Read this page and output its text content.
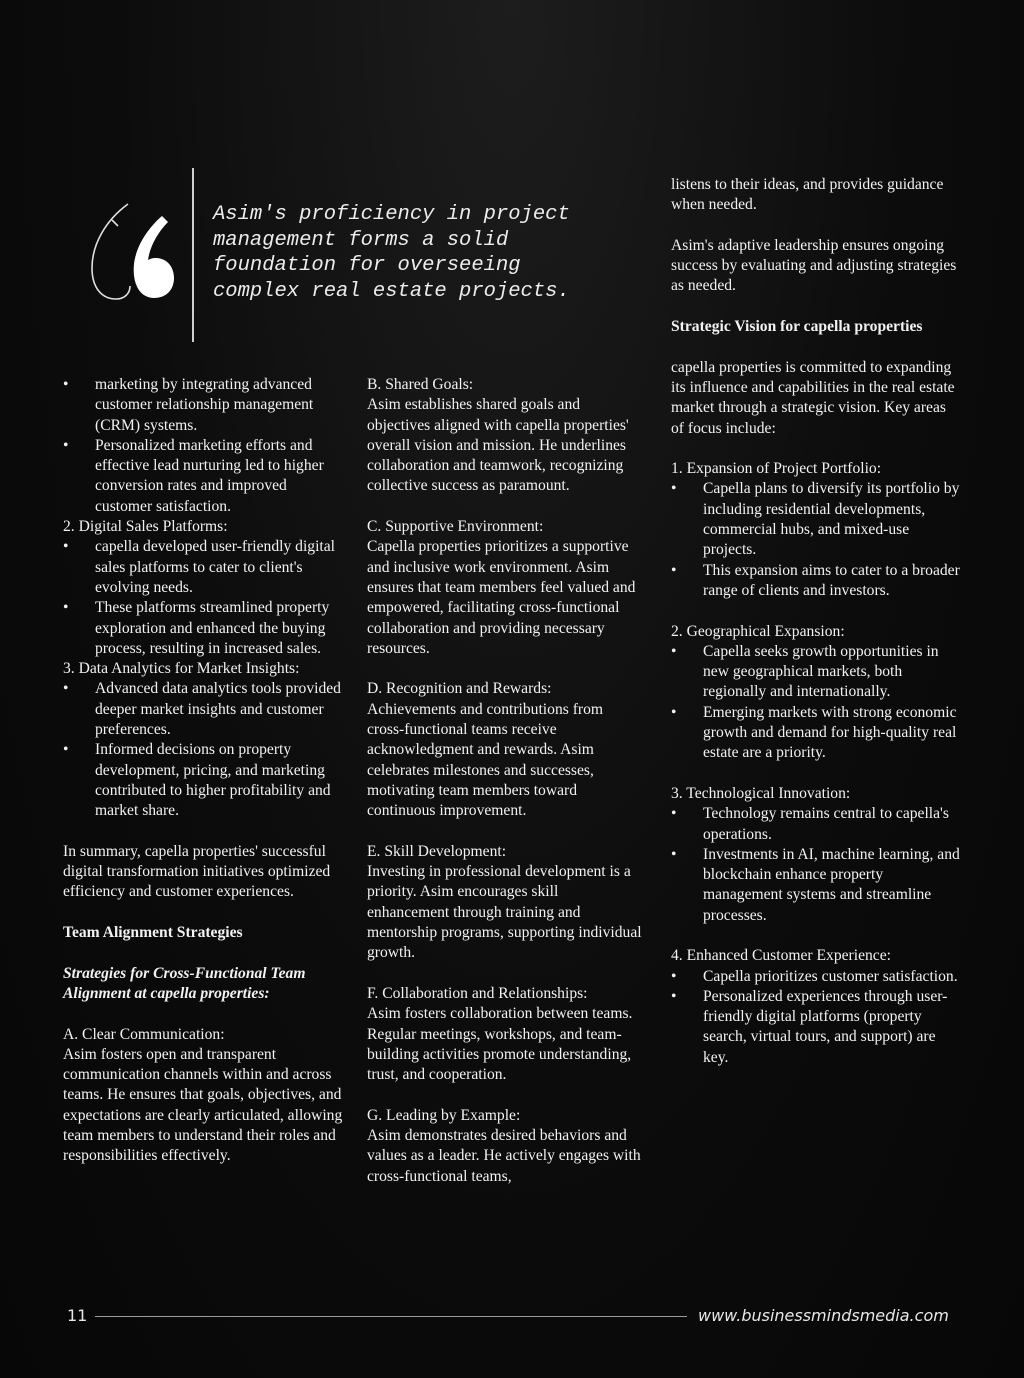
Asim's proficiency in project
management forms a solid
foundation for overseeing
complex real estate projects.
• marketing by integrating advanced customer relationship management (CRM) systems.
• Personalized marketing efforts and effective lead nurturing led to higher conversion rates and improved customer satisfaction.

2. Digital Sales Platforms:

• capella developed user-friendly digital sales platforms to cater to client's evolving needs.
• These platforms streamlined property exploration and enhanced the buying process, resulting in increased sales.

3. Data Analytics for Market Insights:

• Advanced data analytics tools provided deeper market insights and customer preferences.
• Informed decisions on property development, pricing, and marketing contributed to higher profitability and market share.

In summary, capella properties' successful digital transformation initiatives optimized efficiency and customer experiences.

Team Alignment Strategies

Strategies for Cross-Functional Team Alignment at capella properties:

A. Clear Communication:

Asim fosters open and transparent communication channels within and across teams. He ensures that goals, objectives, and expectations are clearly articulated, allowing team members to understand their roles and responsibilities effectively.

B. Shared Goals:

Asim establishes shared goals and objectives aligned with capella properties' overall vision and mission. He underlines collaboration and teamwork, recognizing collective success as paramount.

C. Supportive Environment:

Capella properties prioritizes a supportive and inclusive work environment. Asim ensures that team members feel valued and empowered, facilitating cross-functional collaboration and providing necessary resources.

D. Recognition and Rewards:

Achievements and contributions from cross-functional teams receive acknowledgment and rewards. Asim celebrates milestones and successes, motivating team members toward continuous improvement.

E. Skill Development:

Investing in professional development is a priority. Asim encourages skill enhancement through training and mentorship programs, supporting individual growth.

F. Collaboration and Relationships:

Asim fosters collaboration between teams. Regular meetings, workshops, and team-building activities promote understanding, trust, and cooperation.

G. Leading by Example:

Asim demonstrates desired behaviors and values as a leader. He actively engages with cross-functional teams,

listens to their ideas, and provides guidance when needed.

Asim's adaptive leadership ensures ongoing success by evaluating and adjusting strategies as needed.

Strategic Vision for capella properties

capella properties is committed to expanding its influence and capabilities in the real estate market through a strategic vision. Key areas of focus include:

1. Expansion of Project Portfolio:

• Capella plans to diversify its portfolio by including residential developments, commercial hubs, and mixed-use projects.
• This expansion aims to cater to a broader range of clients and investors.

2. Geographical Expansion:

• Capella seeks growth opportunities in new geographical markets, both regionally and internationally.
• Emerging markets with strong economic growth and demand for high-quality real estate are a priority.

3. Technological Innovation:

• Technology remains central to capella's operations.
• Investments in AI, machine learning, and blockchain enhance property management systems and streamline processes.

4. Enhanced Customer Experience:

• Capella prioritizes customer satisfaction.
• Personalized experiences through user-friendly digital platforms (property search, virtual tours, and support) are key.
11	www.businessmindsmedia.com
